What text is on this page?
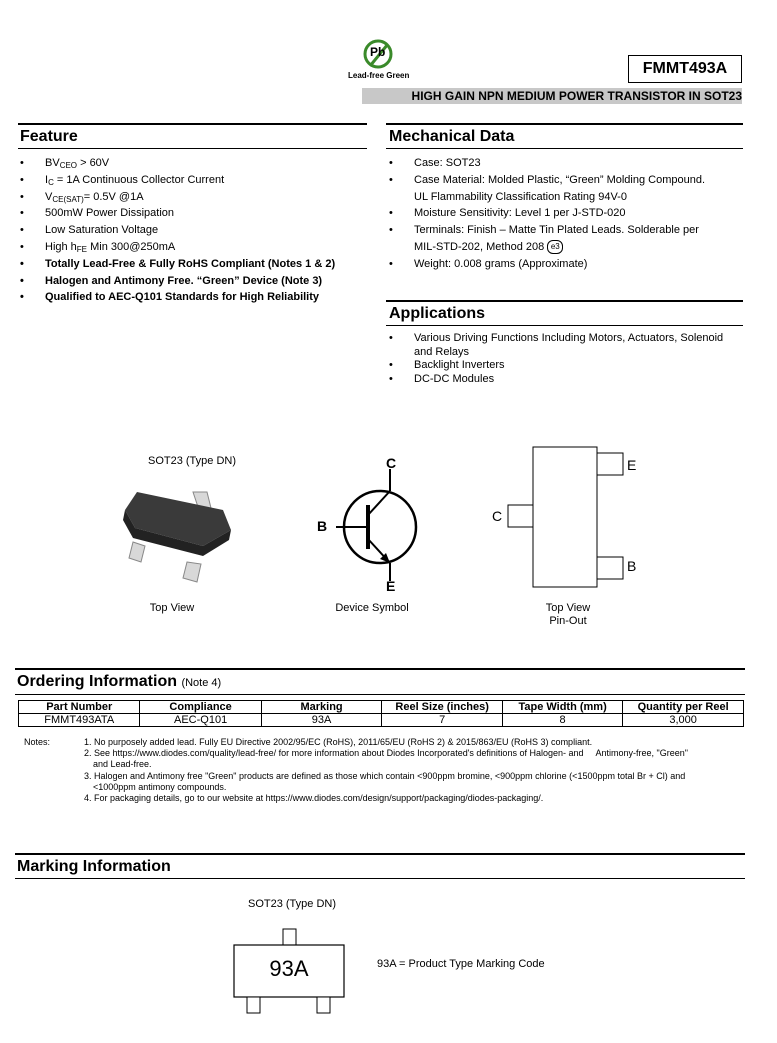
Pb
Lead-free Green	FMMT493A
HIGH GAIN NPN MEDIUM POWER TRANSISTOR IN SOT23
Feature
• $BV_{CEO} > 60V$
• $I_C = 1A$ Continuous Collector Current
• $V_{CE(SAT)}= 0.5V$ @1A
• 500mW Power Dissipation
• Low Saturation Voltage
• High $h_{FE}$ Min 300@250mA
• Totally Lead-Free & Fully RoHS Compliant (Notes 1 & 2)
• Halogen and Antimony Free. “Green” Device (Note 3)
• Qualified to AEC-Q101 Standards for High Reliability
Mechanical Data
• Case: SOT23
• Case Material: Molded Plastic, “Green” Molding Compound.
UL Flammability Classification Rating 94V-0
• Moisture Sensitivity: Level 1 per J-STD-020
• Terminals: Finish – Matte Tin Plated Leads. Solderable per
MIL-STD-202, Method 208 e3
• Weight: 0.008 grams (Approximate)
Applications
• Various Driving Functions Including Motors, Actuators, Solenoid
and Relays
• Backlight Inverters
• DC-DC Modules
SOT23 (Type DN)
Top View
C
B
E
Device Symbol
E
C
B
Top View
Pin-Out
Ordering Information (Note 4)
Part Number	Compliance	Marking	Reel Size (inches)	Tape Width (mm)	Quantity per Reel
FMMT493ATA	AEC-Q101	93A	7	8	3,000
Notes:	1. No purposely added lead. Fully EU Directive 2002/95/EC (RoHS), 2011/65/EU (RoHS 2) & 2015/863/EU (RoHS 3) compliant.
2. See https://www.diodes.com/quality/lead-free/ for more information about Diodes Incorporated's definitions of Halogen- and     Antimony-free, "Green"
and Lead-free.
3. Halogen and Antimony free "Green" products are defined as those which contain <900ppm bromine, <900ppm chlorine (<1500ppm total Br + Cl) and
<1000ppm antimony compounds.
4. For packaging details, go to our website at https://www.diodes.com/design/support/packaging/diodes-packaging/.
Marking Information
SOT23 (Type DN)
93A	93A = Product Type Marking Code
